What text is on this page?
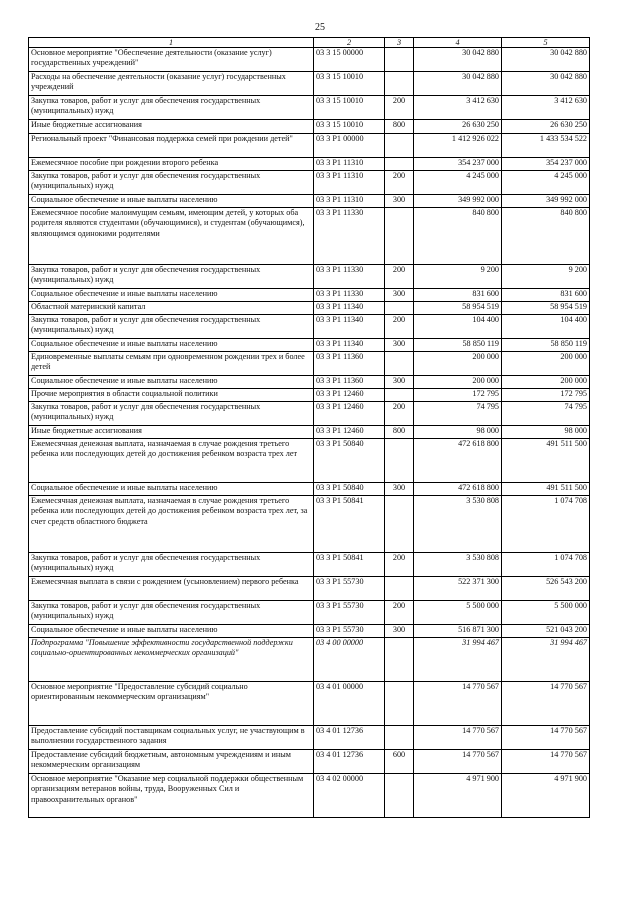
25
1	2	3	4	5
Основное мероприятие "Обеспечение деятельности (оказание услуг) государственных учреждений"	03 3 15 00000		30 042 880	30 042 880
Расходы на обеспечение деятельности (оказание услуг) государственных учреждений	03 3 15 10010		30 042 880	30 042 880
Закупка товаров, работ и услуг для обеспечения государственных (муниципальных) нужд	03 3 15 10010	200	3 412 630	3 412 630
Иные бюджетные ассигнования	03 3 15 10010	800	26 630 250	26 630 250
Региональный проект "Финансовая поддержка семей при рождении детей"	03 3 Р1 00000		1 412 926 022	1 433 534 522
Ежемесячное пособие при рождении второго ребенка	03 3 Р1 11310		354 237 000	354 237 000
Закупка товаров, работ и услуг для обеспечения государственных (муниципальных) нужд	03 3 Р1 11310	200	4 245 000	4 245 000
Социальное обеспечение и иные выплаты населению	03 3 Р1 11310	300	349 992 000	349 992 000
Ежемесячное пособие малоимущим семьям, имеющим детей, у которых оба родителя являются студентами (обучающимися), и студентам (обучающимся), являющимся одинокими родителями	03 3 Р1 11330		840 800	840 800
Закупка товаров, работ и услуг для обеспечения государственных (муниципальных) нужд	03 3 Р1 11330	200	9 200	9 200
Социальное обеспечение и иные выплаты населению	03 3 Р1 11330	300	831 600	831 600
Областной материнский капитал	03 3 Р1 11340		58 954 519	58 954 519
Закупка товаров, работ и услуг для обеспечения государственных (муниципальных) нужд	03 3 Р1 11340	200	104 400	104 400
Социальное обеспечение и иные выплаты населению	03 3 Р1 11340	300	58 850 119	58 850 119
Единовременные выплаты семьям при одновременном рождении трех и более детей	03 3 Р1 11360		200 000	200 000
Социальное обеспечение и иные выплаты населению	03 3 Р1 11360	300	200 000	200 000
Прочие мероприятия в области социальной политики	03 3 Р1 12460		172 795	172 795
Закупка товаров, работ и услуг для обеспечения государственных (муниципальных) нужд	03 3 Р1 12460	200	74 795	74 795
Иные бюджетные ассигнования	03 3 Р1 12460	800	98 000	98 000
Ежемесячная денежная выплата, назначаемая в случае рождения третьего ребенка или последующих детей до достижения ребенком возраста трех лет	03 3 Р1 50840		472 618 800	491 511 500
Социальное обеспечение и иные выплаты населению	03 3 Р1 50840	300	472 618 800	491 511 500
Ежемесячная денежная выплата, назначаемая в случае рождения третьего ребенка или последующих детей до достижения ребенком возраста трех лет, за счет средств областного бюджета	03 3 Р1 50841		3 530 808	1 074 708
Закупка товаров, работ и услуг для обеспечения государственных (муниципальных) нужд	03 3 Р1 50841	200	3 530 808	1 074 708
Ежемесячная выплата в связи с рождением (усыновлением) первого ребенка	03 3 Р1 55730		522 371 300	526 543 200
Закупка товаров, работ и услуг для обеспечения государственных (муниципальных) нужд	03 3 Р1 55730	200	5 500 000	5 500 000
Социальное обеспечение и иные выплаты населению	03 3 Р1 55730	300	516 871 300	521 043 200
Подпрограмма "Повышение эффективности государственной поддержки социально-ориентированных некоммерческих организаций"	03 4 00 00000		31 994 467	31 994 467
Основное мероприятие "Предоставление субсидий социально ориентированным некоммерческим организациям"	03 4 01 00000		14 770 567	14 770 567
Предоставление субсидий поставщикам социальных услуг, не участвующим в выполнении государственного задания	03 4 01 12736		14 770 567	14 770 567
Предоставление субсидий бюджетным, автономным учреждениям и иным некоммерческим организациям	03 4 01 12736	600	14 770 567	14 770 567
Основное мероприятие "Оказание мер социальной поддержки общественным организациям ветеранов войны, труда, Вооруженных Сил и правоохранительных органов"	03 4 02 00000		4 971 900	4 971 900
